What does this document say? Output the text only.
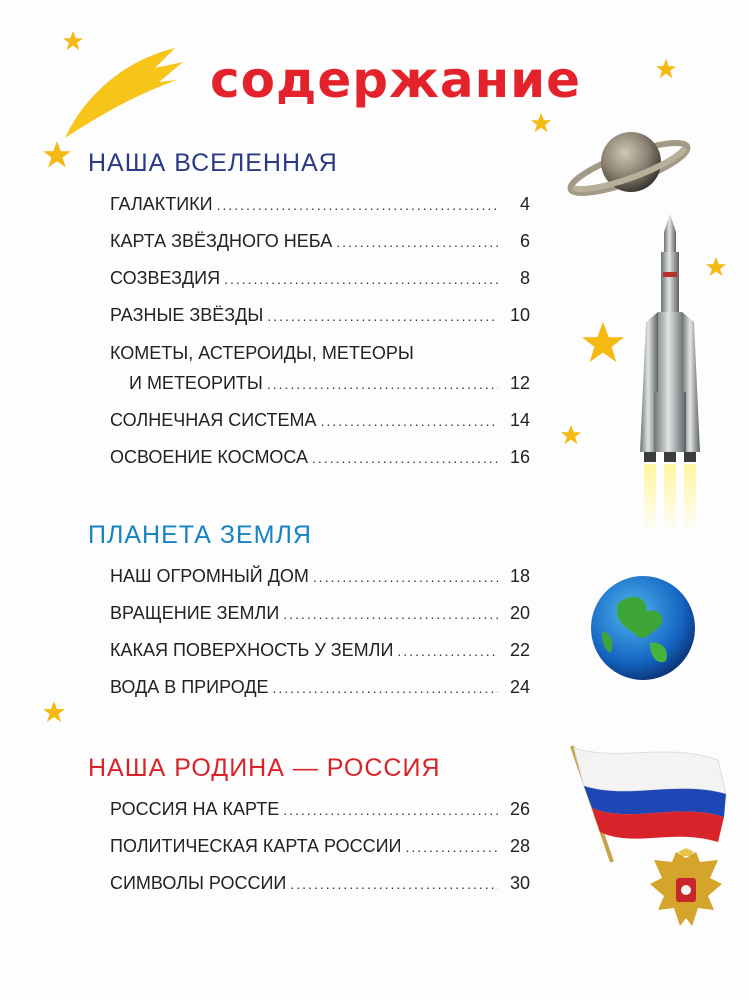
содержание
НАША ВСЕЛЕННАЯ
ГАЛАКТИКИ .....	4
КАРТА ЗВЁЗДНОГО НЕБА .....	6
СОЗВЕЗДИЯ .....	8
РАЗНЫЕ ЗВЁЗДЫ .....	10
КОМЕТЫ, АСТЕРОИДЫ, МЕТЕОРЫ
И МЕТЕОРИТЫ .....	12
СОЛНЕЧНАЯ СИСТЕМА .....	14
ОСВОЕНИЕ КОСМОСА .....	16
ПЛАНЕТА ЗЕМЛЯ
НАШ ОГРОМНЫЙ ДОМ .....	18
ВРАЩЕНИЕ ЗЕМЛИ .....	20
КАКАЯ ПОВЕРХНОСТЬ У ЗЕМЛИ .....	22
ВОДА В ПРИРОДЕ .....	24
НАША РОДИНА — РОССИЯ
РОССИЯ НА КАРТЕ .....	26
ПОЛИТИЧЕСКАЯ КАРТА РОССИИ .....	28
СИМВОЛЫ РОССИИ .....	30
